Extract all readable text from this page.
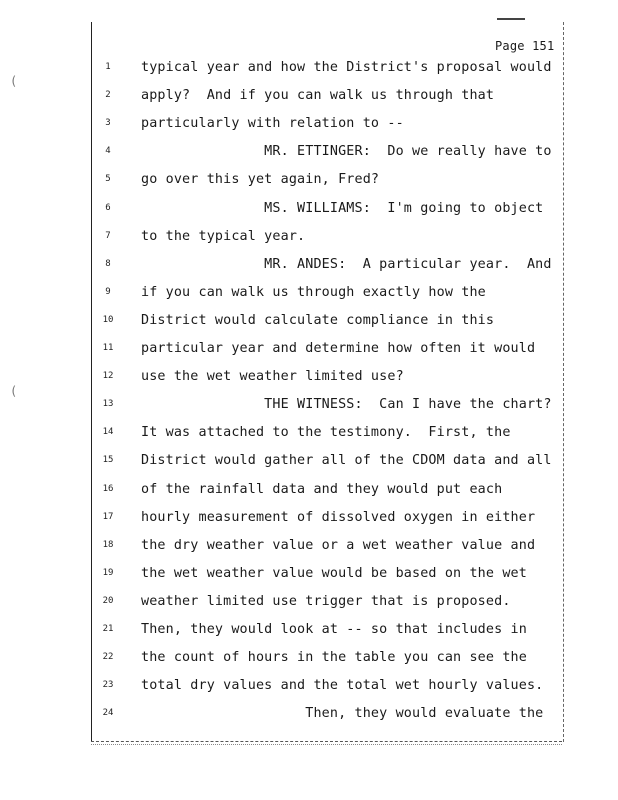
Page 151
1	typical year and how the District's proposal would
2	apply?  And if you can walk us through that
3	particularly with relation to --
4	MR. ETTINGER:  Do we really have to
5	go over this yet again, Fred?
6	MS. WILLIAMS:  I'm going to object
7	to the typical year.
8	MR. ANDES:  A particular year.  And
9	if you can walk us through exactly how the
10	District would calculate compliance in this
11	particular year and determine how often it would
12	use the wet weather limited use?
13	THE WITNESS:  Can I have the chart?
14	It was attached to the testimony.  First, the
15	District would gather all of the CDOM data and all
16	of the rainfall data and they would put each
17	hourly measurement of dissolved oxygen in either
18	the dry weather value or a wet weather value and
19	the wet weather value would be based on the wet
20	weather limited use trigger that is proposed.
21	Then, they would look at -- so that includes in
22	the count of hours in the table you can see the
23	total dry values and the total wet hourly values.
24	Then, they would evaluate the
(
(
